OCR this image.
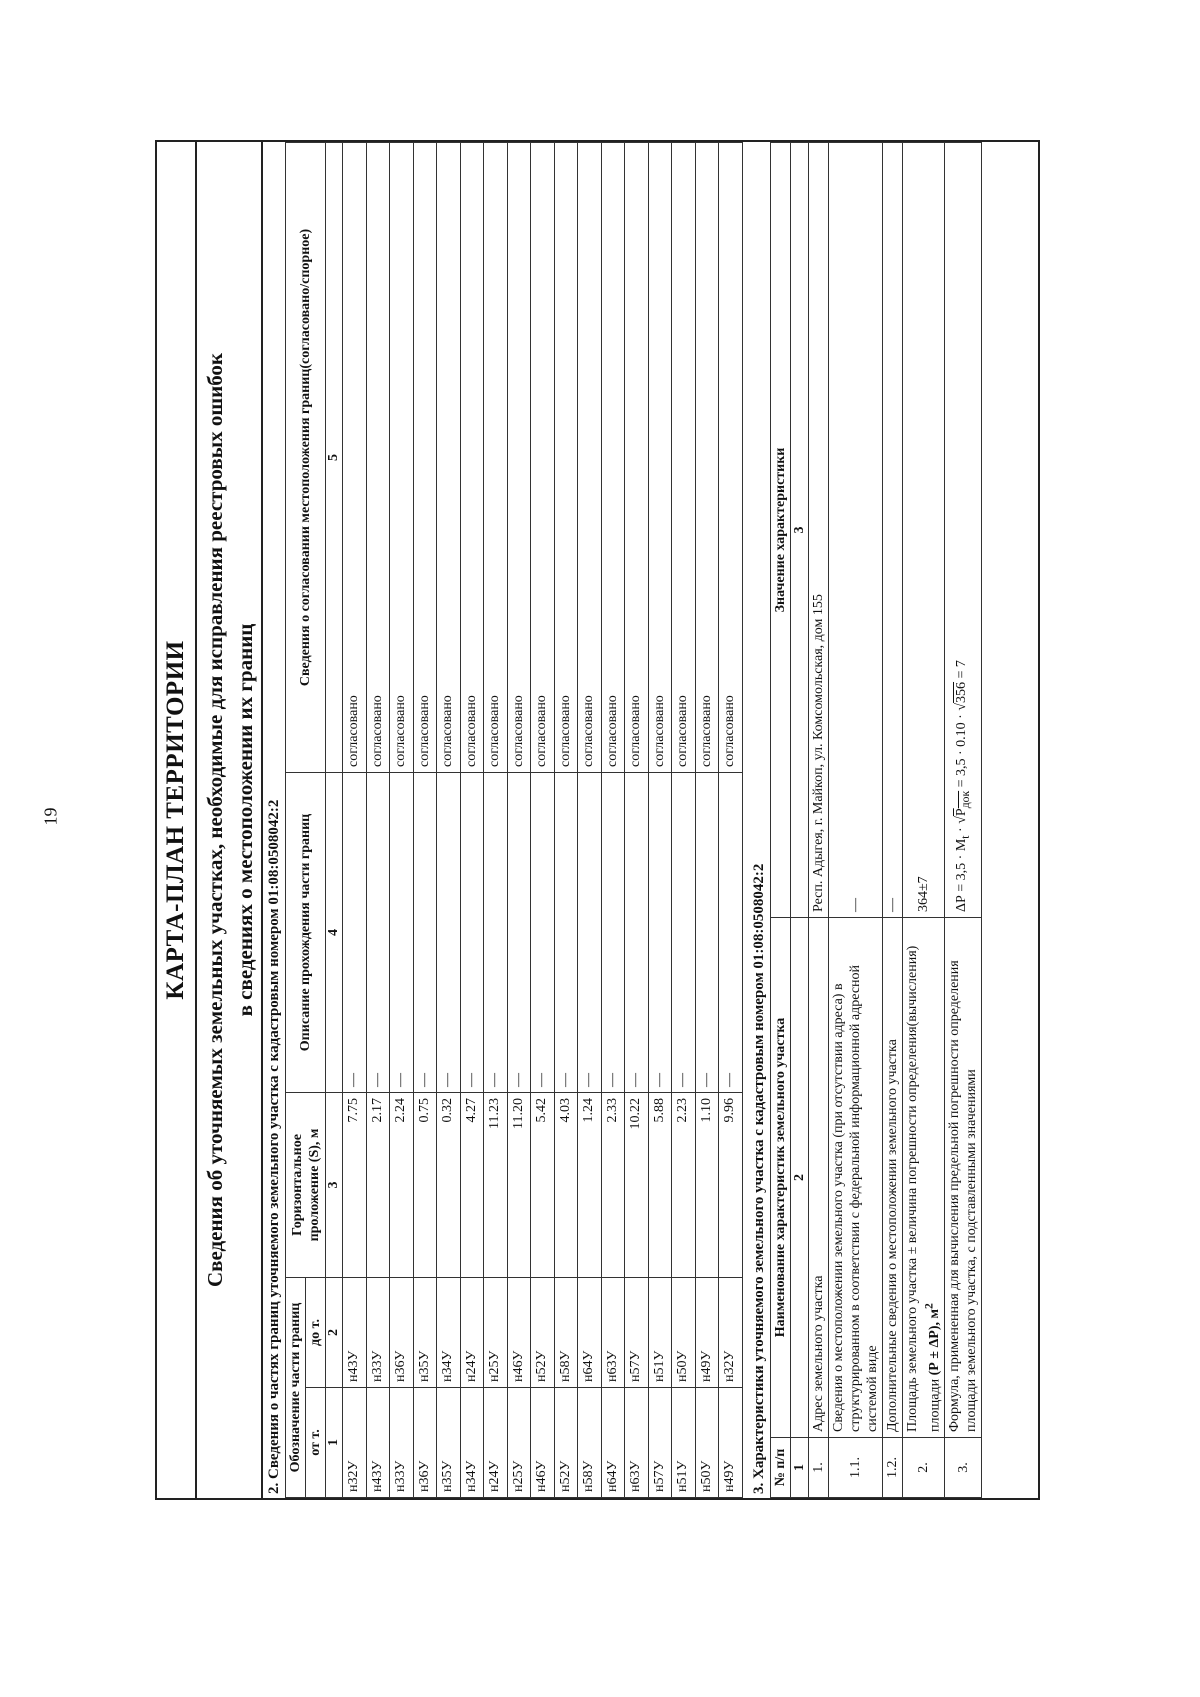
19	КАРТА-ПЛАН ТЕРРИТОРИИ Сведения об уточняемых земельных участках, необходимые для исправления реестровых ошибок в сведениях о местоположении их границ 2. Сведения о частях границ уточняемого земельного участка с кадастровым номером 01:08:0508042:2 Обозначение части границ		Горизонтальное проложение (S), м	Описание прохождения части границ	Сведения о согласовании местоположения границ(согласовано/спорное)
от т.	до т.			
1	2	3	4	5
н32У	н43У	7.75	—	согласовано
н43У	н33У	2.17	—	согласовано
н33У	н36У	2.24	—	согласовано
н36У	н35У	0.75	—	согласовано
н35У	н34У	0.32	—	согласовано
н34У	н24У	4.27	—	согласовано
н24У	н25У	11.23	—	согласовано
н25У	н46У	11.20	—	согласовано
н46У	н52У	5.42	—	согласовано
н52У	н58У	4.03	—	согласовано
н58У	н64У	1.24	—	согласовано
н64У	н63У	2.33	—	согласовано
н63У	н57У	10.22	—	согласовано
н57У	н51У	5.88	—	согласовано
н51У	н50У	2.23	—	согласовано
н50У	н49У	1.10	—	согласовано
н49У	н32У	9.96	—	согласовано
3. Характеристики уточняемого земельного участка с кадастровым номером 01:08:0508042:2 № п/п	Наименование характеристик земельного участка	Значение характеристики
1	2	3
1.	Адрес земельного участка	Респ. Адыгея, г. Майкоп, ул. Комсомольская, дом 155
1.1.	Сведения о местоположении земельного участка (при отсутствии адреса) в структурированном в соответствии с федеральной информационной адресной системой виде	—
1.2.	Дополнительные сведения о местоположении земельного участка	—
2.	Площадь земельного участка ± величина погрешности определения(вычисления) площади (Р ± ΔР), $м^2$	364±7
3.	Формула, примененная для вычисления предельной погрешности определения площади земельного участка, с подставленными значениями	$\Delta Р = 3,5 \cdot M_t \cdot √Р_{док} = 3,5 \cdot 0.10 \cdot √356 = 7$
